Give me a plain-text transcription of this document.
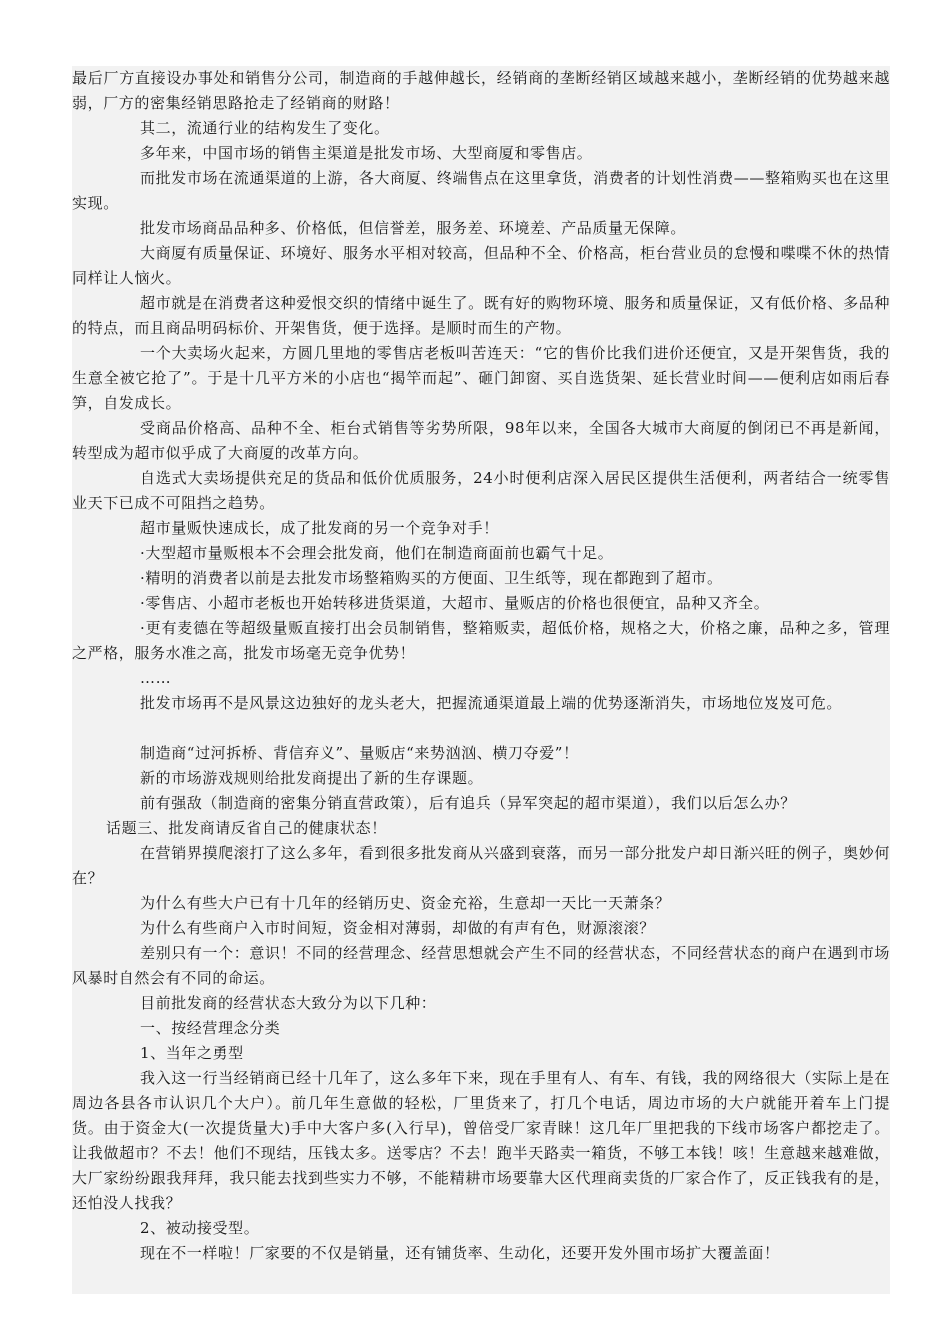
最后厂方直接设办事处和销售分公司，制造商的手越伸越长，经销商的垄断经销区域越来越小，垄断经销的优势越来越弱，厂方的密集经销思路抢走了经销商的财路！

其二，流通行业的结构发生了变化。

多年来，中国市场的销售主渠道是批发市场、大型商厦和零售店。

而批发市场在流通渠道的上游，各大商厦、终端售点在这里拿货，消费者的计划性消费——整箱购买也在这里实现。

批发市场商品品种多、价格低，但信誉差，服务差、环境差、产品质量无保障。

大商厦有质量保证、环境好、服务水平相对较高，但品种不全、价格高，柜台营业员的怠慢和喋喋不休的热情同样让人恼火。

超市就是在消费者这种爱恨交织的情绪中诞生了。既有好的购物环境、服务和质量保证，又有低价格、多品种的特点，而且商品明码标价、开架售货，便于选择。是顺时而生的产物。

一个大卖场火起来，方圆几里地的零售店老板叫苦连天：“它的售价比我们进价还便宜，又是开架售货，我的生意全被它抢了”。于是十几平方米的小店也“揭竿而起”、砸门卸窗、买自选货架、延长营业时间——便利店如雨后春笋，自发成长。

受商品价格高、品种不全、柜台式销售等劣势所限，98年以来，全国各大城市大商厦的倒闭已不再是新闻，转型成为超市似乎成了大商厦的改革方向。

自选式大卖场提供充足的货品和低价优质服务，24小时便利店深入居民区提供生活便利，两者结合一统零售业天下已成不可阻挡之趋势。

超市量贩快速成长，成了批发商的另一个竞争对手！

·大型超市量贩根本不会理会批发商，他们在制造商面前也霸气十足。

·精明的消费者以前是去批发市场整箱购买的方便面、卫生纸等，现在都跑到了超市。

·零售店、小超市老板也开始转移进货渠道，大超市、量贩店的价格也很便宜，品种又齐全。

·更有麦德在等超级量贩直接打出会员制销售，整箱贩卖，超低价格，规格之大，价格之廉，品种之多，管理之严格，服务水准之高，批发市场毫无竞争优势！

……

批发市场再不是风景这边独好的龙头老大，把握流通渠道最上端的优势逐渐消失，市场地位岌岌可危。

制造商“过河拆桥、背信弃义”、量贩店“来势汹汹、横刀夺爱”！

新的市场游戏规则给批发商提出了新的生存课题。

前有强敌（制造商的密集分销直营政策），后有追兵（异军突起的超市渠道），我们以后怎么办？

话题三、批发商请反省自己的健康状态！

在营销界摸爬滚打了这么多年，看到很多批发商从兴盛到衰落，而另一部分批发户却日渐兴旺的例子，奥妙何在？

为什么有些大户已有十几年的经销历史、资金充裕，生意却一天比一天萧条？

为什么有些商户入市时间短，资金相对薄弱，却做的有声有色，财源滚滚？

差别只有一个：意识！不同的经营理念、经营思想就会产生不同的经营状态，不同经营状态的商户在遇到市场风暴时自然会有不同的命运。

目前批发商的经营状态大致分为以下几种：

一、按经营理念分类

1、当年之勇型

我入这一行当经销商已经十几年了，这么多年下来，现在手里有人、有车、有钱，我的网络很大（实际上是在周边各县各市认识几个大户）。前几年生意做的轻松，厂里货来了，打几个电话，周边市场的大户就能开着车上门提货。由于资金大(一次提货量大)手中大客户多(入行早)，曾倍受厂家青睐！这几年厂里把我的下线市场客户都挖走了。让我做超市？不去！他们不现结，压钱太多。送零店？不去！跑半天路卖一箱货，不够工本钱！咳！生意越来越难做，大厂家纷纷跟我拜拜，我只能去找到些实力不够，不能精耕市场要靠大区代理商卖货的厂家合作了，反正钱我有的是，还怕没人找我？

2、被动接受型。

现在不一样啦！厂家要的不仅是销量，还有铺货率、生动化，还要开发外围市场扩大覆盖面！
